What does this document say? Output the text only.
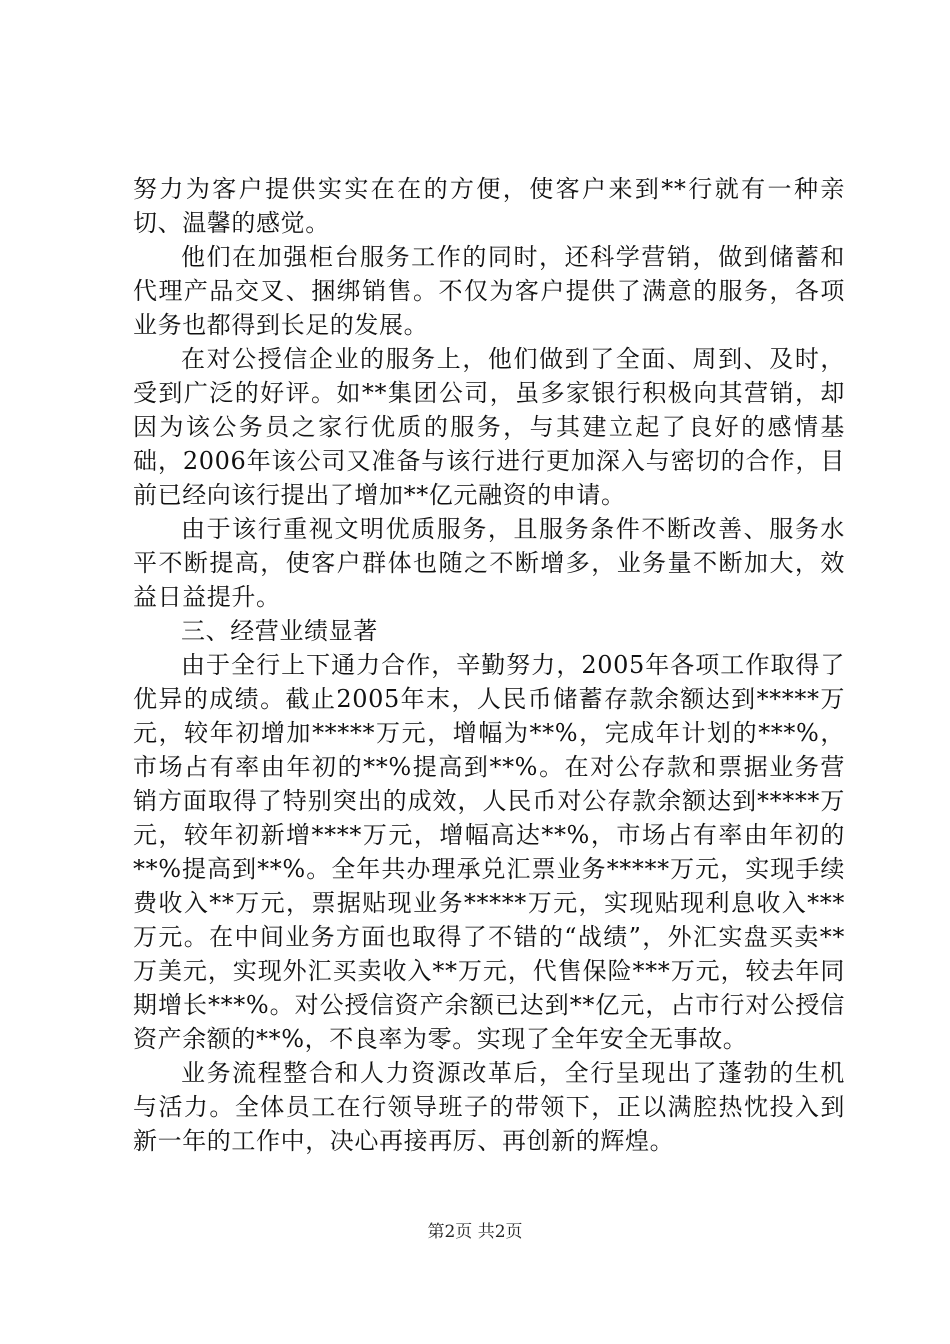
努力为客户提供实实在在的方便，使客户来到**行就有一种亲切、温馨的感觉。

他们在加强柜台服务工作的同时，还科学营销，做到储蓄和代理产品交叉、捆绑销售。不仅为客户提供了满意的服务，各项业务也都得到长足的发展。

在对公授信企业的服务上，他们做到了全面、周到、及时，受到广泛的好评。如**集团公司，虽多家银行积极向其营销，却因为该公务员之家行优质的服务，与其建立起了良好的感情基础，2006年该公司又准备与该行进行更加深入与密切的合作，目前已经向该行提出了增加**亿元融资的申请。

由于该行重视文明优质服务，且服务条件不断改善、服务水平不断提高，使客户群体也随之不断增多，业务量不断加大，效益日益提升。

三、经营业绩显著

由于全行上下通力合作，辛勤努力，2005年各项工作取得了优异的成绩。截止2005年末，人民币储蓄存款余额达到*****万元，较年初增加*****万元，增幅为**%，完成年计划的***%，市场占有率由年初的**%提高到**%。在对公存款和票据业务营销方面取得了特别突出的成效，人民币对公存款余额达到*****万元，较年初新增****万元，增幅高达**%，市场占有率由年初的**%提高到**%。全年共办理承兑汇票业务*****万元，实现手续费收入**万元，票据贴现业务*****万元，实现贴现利息收入***万元。在中间业务方面也取得了不错的“战绩”，外汇实盘买卖**万美元，实现外汇买卖收入**万元，代售保险***万元，较去年同期增长***%。对公授信资产余额已达到**亿元，占市行对公授信资产余额的**%，不良率为零。实现了全年安全无事故。

业务流程整合和人力资源改革后，全行呈现出了蓬勃的生机与活力。全体员工在行领导班子的带领下，正以满腔热忱投入到新一年的工作中，决心再接再厉、再创新的辉煌。

第2页 共2页
